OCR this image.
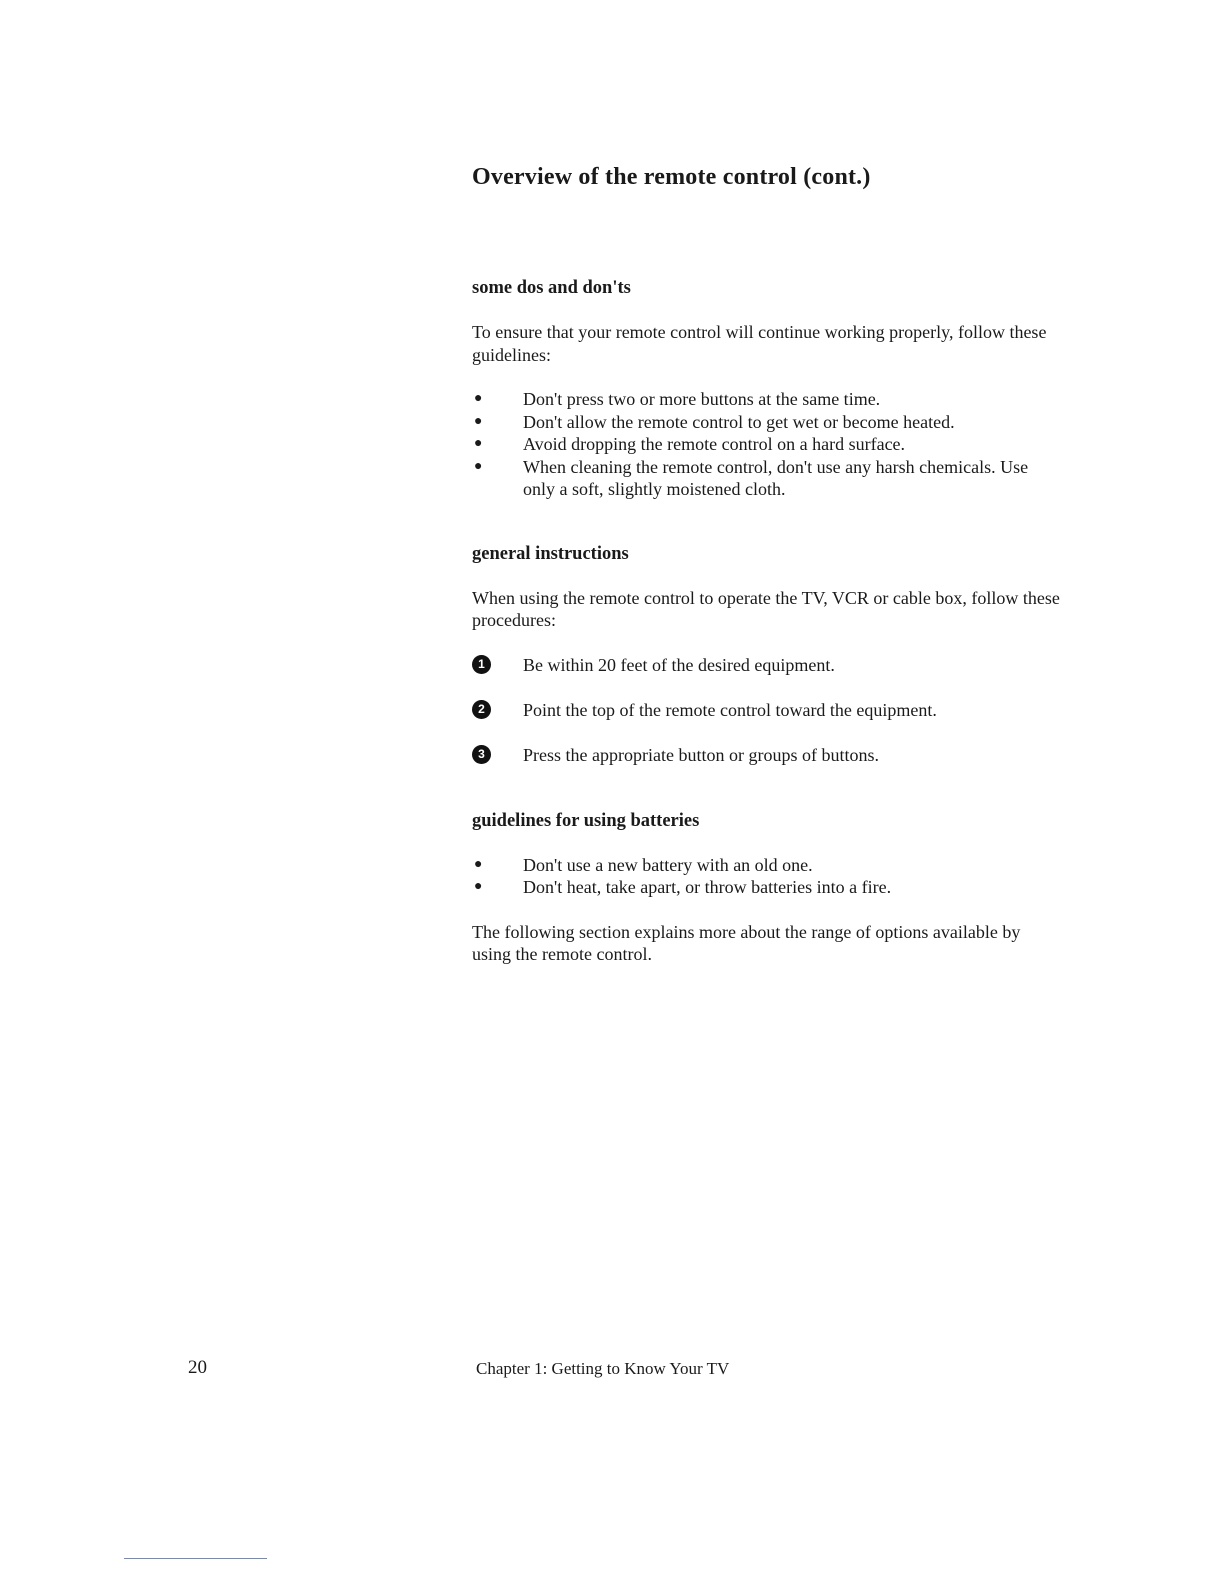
Overview of the remote control (cont.)
some dos and don'ts

To ensure that your remote control will continue working properly, follow these guidelines:

● Don't press two or more buttons at the same time.
● Don't allow the remote control to get wet or become heated.
● Avoid dropping the remote control on a hard surface.
● When cleaning the remote control, don't use any harsh chemicals. Use only a soft, slightly moistened cloth.
general instructions

When using the remote control to operate the TV, VCR or cable box, follow these procedures:

1	Be within 20 feet of the desired equipment.
2	Point the top of the remote control toward the equipment.
3	Press the appropriate button or groups of buttons.
guidelines for using batteries
● Don't use a new battery with an old one.
● Don't heat, take apart, or throw batteries into a fire.

The following section explains more about the range of options available by using the remote control.

20	Chapter 1: Getting to Know Your TV
